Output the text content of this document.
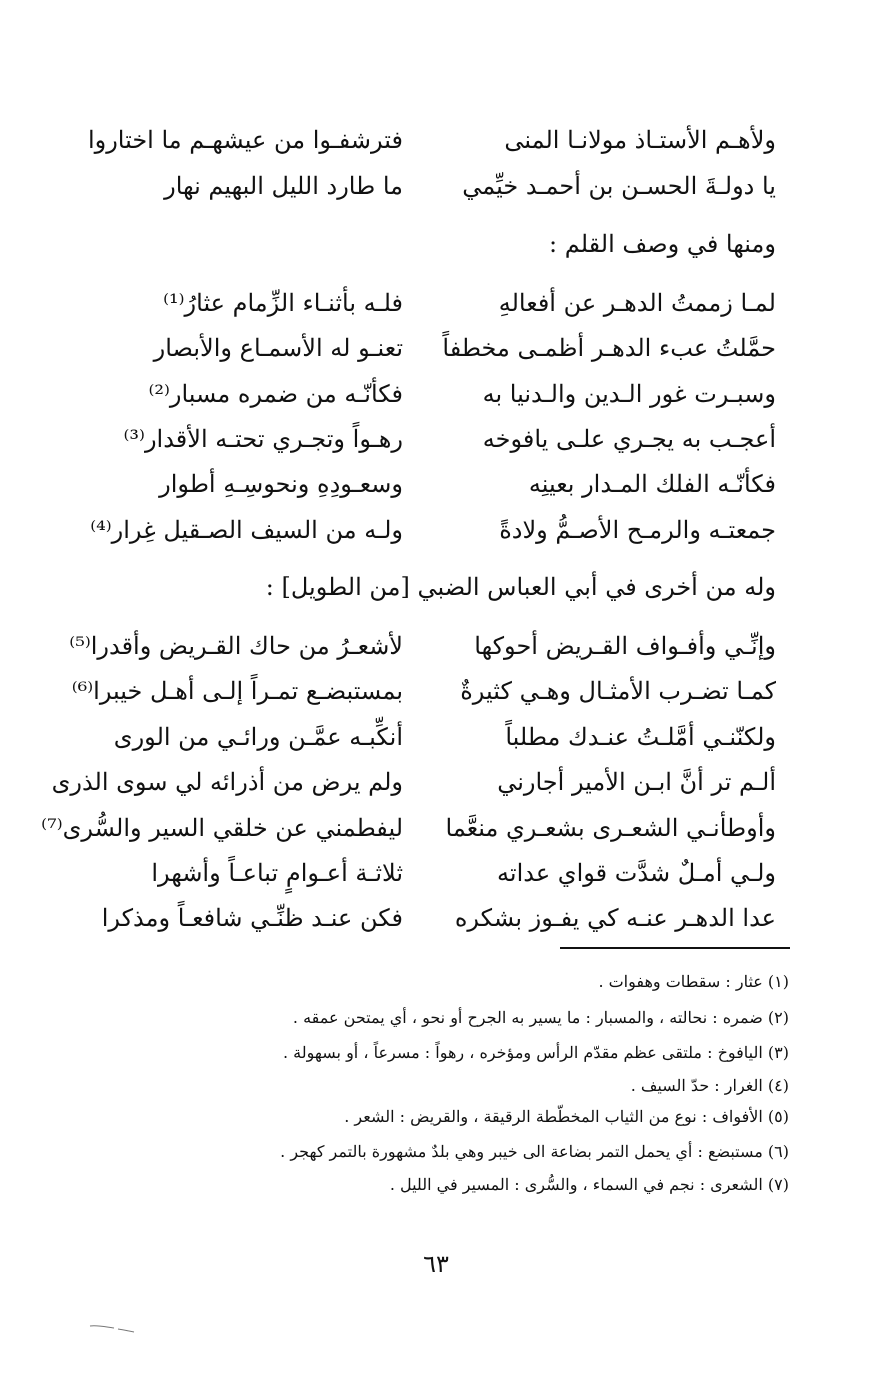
ولأهـم الأستـاذ مولانـا المنى
فترشفـوا من عيشهـم ما اختاروا
يا دولـةَ الحسـن بن أحمـد خيِّمي
ما طارد الليل البهيم نهار
ومنها في وصف القلم :
لمـا زممتُ الدهـر عن أفعالهِ
فلـه بأثنـاء الزِّمام عثارُ⁽¹⁾
حمَّلتُ عبء الدهـر أظمـى مخطفاً
تعنـو له الأسمـاع والأبصار
وسبـرت غور الـدين والـدنيا به
فكأنّـه من ضمره مسبار⁽²⁾
أعجـب به يجـري علـى يافوخه
رهـواً وتجـري تحتـه الأقدار⁽³⁾
فكأنّـه الفلك المـدار بعينِه
وسعـودِهِ ونحوسِـهِ أطوار
جمعتـه والرمـح الأصـمُّ ولادةً
ولـه من السيف الصـقيل غِرار⁽⁴⁾
وله من أخرى في أبي العباس الضبي [من الطويل] :
وإنِّـي وأفـواف القـريض أحوكها
لأشعـرُ من حاك القـريض وأقدرا⁽⁵⁾
كمـا تضـرب الأمثـال وهـي كثيرةٌ
بمستبضـع تمـراً إلـى أهـل خيبرا⁽⁶⁾
ولكنّنـي أمَّلـتُ عنـدك مطلباً
أنكِّبـه عمَّـن ورائـي من الورى
ألـم تر أنَّ ابـن الأمير أجارني
ولم يرض من أذرائه لي سوى الذرى
وأوطأنـي الشعـرى بشعـري منعَّما
ليفطمني عن خلقي السير والسُّرى⁽⁷⁾
ولـي أمـلٌ شدَّت قواي عداته
ثلاثـة أعـوامٍ تباعـاً وأشهرا
عدا الدهـر عنـه كي يفـوز بشكره
فكن عنـد ظنِّـي شافعـاً ومذكرا
(١) عثار : سقطات وهفوات .
(٢) ضمره : نحالته ، والمسبار : ما يسير به الجرح أو نحو ، أي يمتحن عمقه .
(٣) اليافوخ : ملتقى عظم مقدّم الرأس ومؤخره ، رهواً : مسرعاً ، أو بسهولة .
(٤) الغرار : حدّ السيف .
(٥) الأفواف : نوع من الثياب المخطّطة الرقيقة ، والقريض : الشعر .
(٦) مستبضع : أي يحمل التمر بضاعة الى خيبر وهي بلدٌ مشهورة بالتمر كهجر .
(٧) الشعرى : نجم في السماء ، والسُّرى : المسير في الليل .
٦٣
